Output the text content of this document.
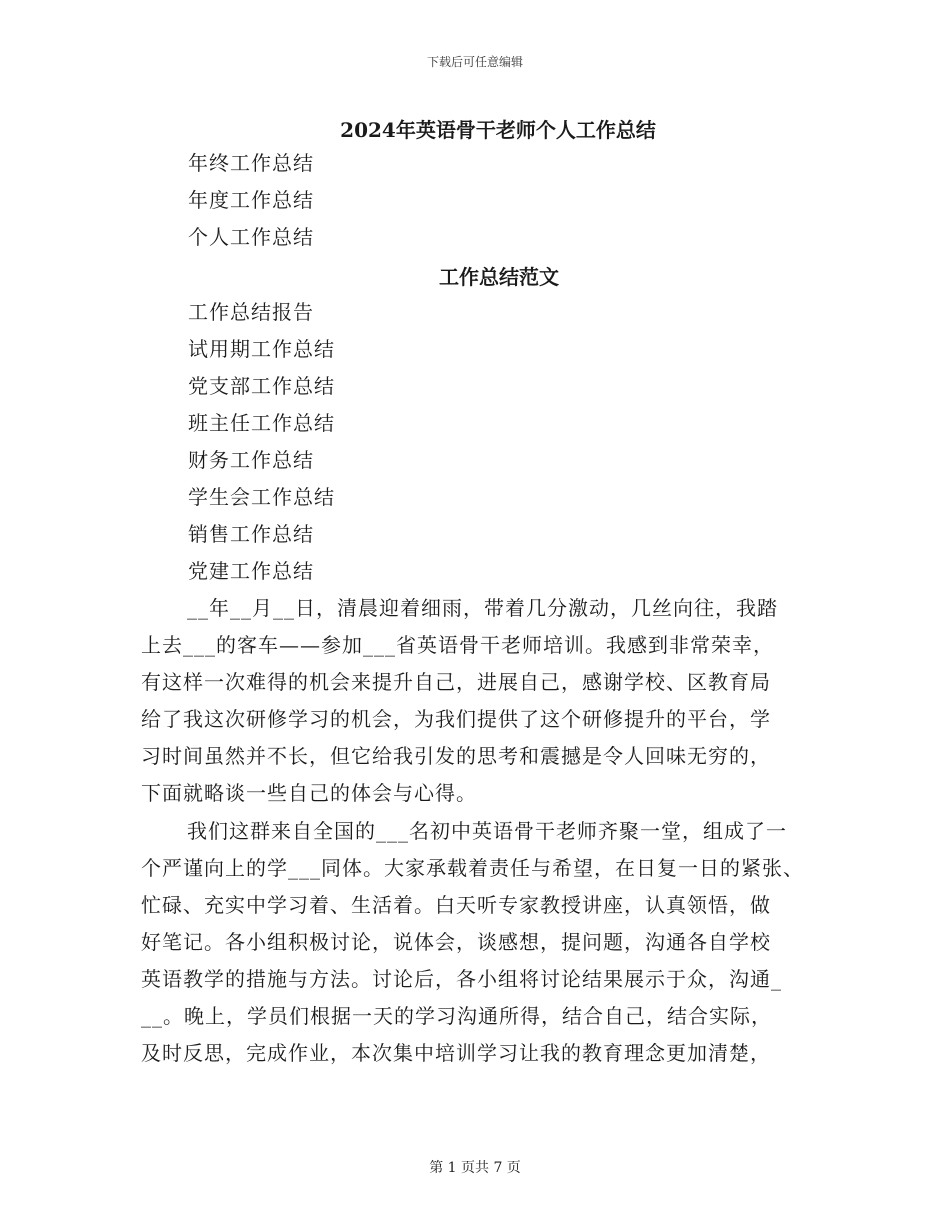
下载后可任意编辑
2024年英语骨干老师个人工作总结
年终工作总结
年度工作总结
个人工作总结
工作总结范文
工作总结报告
试用期工作总结
党支部工作总结
班主任工作总结
财务工作总结
学生会工作总结
销售工作总结
党建工作总结
__年__月__日，清晨迎着细雨，带着几分激动，几丝向往，我踏
上去___的客车——参加___省英语骨干老师培训。我感到非常荣幸，
有这样一次难得的机会来提升自己，进展自己，感谢学校、区教育局
给了我这次研修学习的机会，为我们提供了这个研修提升的平台，学
习时间虽然并不长，但它给我引发的思考和震撼是令人回味无穷的，
下面就略谈一些自己的体会与心得。
我们这群来自全国的___名初中英语骨干老师齐聚一堂，组成了一
个严谨向上的学___同体。大家承载着责任与希望，在日复一日的紧张、
忙碌、充实中学习着、生活着。白天听专家教授讲座，认真领悟，做
好笔记。各小组积极讨论，说体会，谈感想，提问题，沟通各自学校
英语教学的措施与方法。讨论后，各小组将讨论结果展示于众，沟通_
__。晚上，学员们根据一天的学习沟通所得，结合自己，结合实际，
及时反思，完成作业，本次集中培训学习让我的教育理念更加清楚，
第 1 页共 7 页
